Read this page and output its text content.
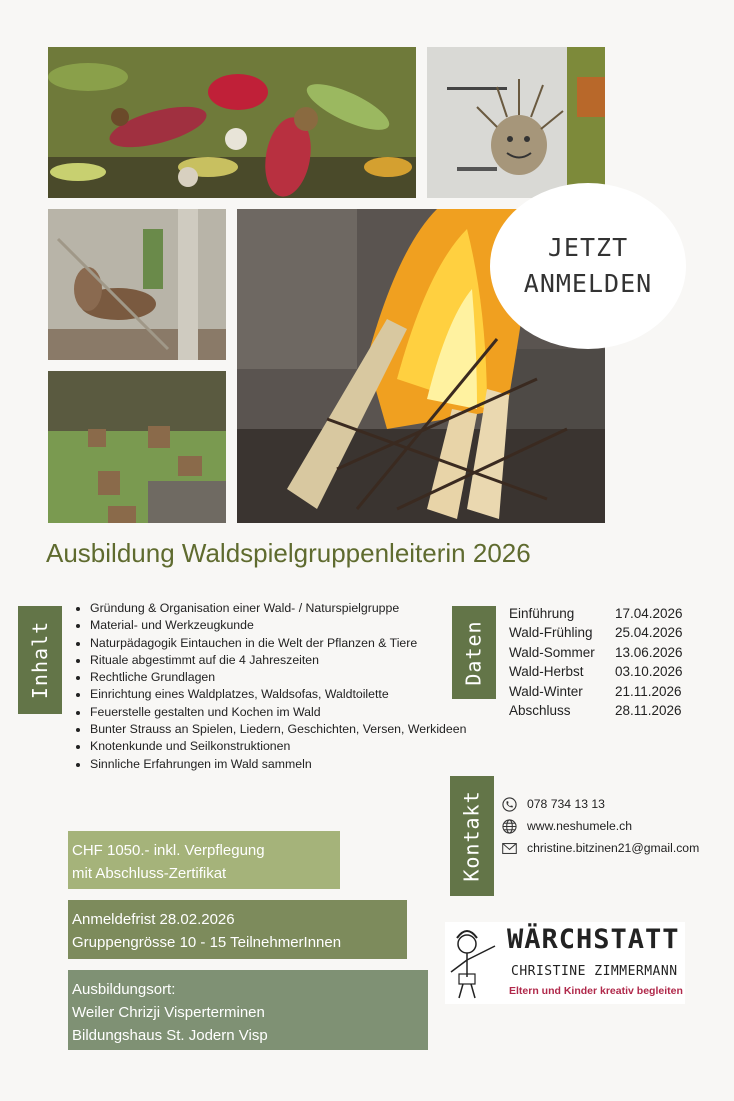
JETZT
ANMELDEN
Ausbildung Waldspielgruppenleiterin 2026
Inhalt
• Gründung & Organisation einer Wald- / Naturspielgruppe
• Material- und Werkzeugkunde
• Naturpädagogik Eintauchen in die Welt der Pflanzen & Tiere
• Rituale abgestimmt auf die 4 Jahreszeiten
• Rechtliche Grundlagen
• Einrichtung eines Waldplatzes, Waldsofas, Waldtoilette
• Feuerstelle gestalten und Kochen im Wald
• Bunter Strauss an Spielen, Liedern, Geschichten, Versen, Werkideen
• Knotenkunde und Seilkonstruktionen
• Sinnliche Erfahrungen im Wald sammeln
Daten
Einführung	17.04.2026
Wald-Frühling	25.04.2026
Wald-Sommer	13.06.2026
Wald-Herbst	03.10.2026
Wald-Winter	21.11.2026
Abschluss	28.11.2026
Kontakt	078 734 13 13
www.neshumele.ch
christine.bitzinen21@gmail.com
CHF 1050.- inkl. Verpflegung
mit Abschluss-Zertifikat
Anmeldefrist 28.02.2026
Gruppengrösse 10 - 15 TeilnehmerInnen
Ausbildungsort:
Weiler Chrizji Visperterminen
Bildungshaus St. Jodern Visp
WÄRCHSTATT
CHRISTINE ZIMMERMANN
Eltern und Kinder kreativ begleiten
